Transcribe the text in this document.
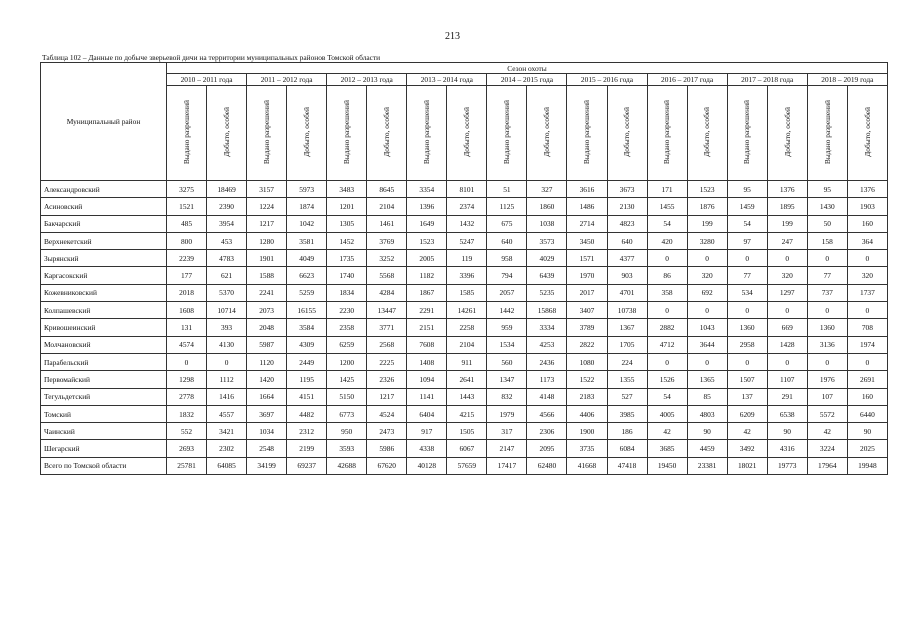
213
Таблица 102 – Данные по добыче зверьевой дичи на территории муниципальных районов Томской области
Муниципальный район	Сезон охоты																	
	2010 – 2011 года		2011 – 2012 года		2012 – 2013 года		2013 – 2014 года		2014 – 2015 года		2015 – 2016 года		2016 – 2017 года		2017 – 2018 года		2018 – 2019 года	
	Выдано разрешений	Добыто, особей	Выдано разрешений	Добыто, особей	Выдано разрешений	Добыто, особей	Выдано разрешений	Добыто, особей	Выдано разрешений	Добыто, особей	Выдано разрешений	Добыто, особей	Выдано разрешений	Добыто, особей	Выдано разрешений	Добыто, особей	Выдано разрешений	Добыто, особей
Александровский	3275	18469	3157	5973	3483	8645	3354	8101	51	327	3616	3673	171	1523	95	1376	95	1376
Асиновский	1521	2390	1224	1874	1201	2104	1396	2374	1125	1860	1486	2130	1455	1876	1459	1895	1430	1903
Бакчарский	485	3954	1217	1042	1305	1461	1649	1432	675	1038	2714	4823	54	199	54	199	50	160
Верхнекетский	800	453	1280	3581	1452	3769	1523	5247	640	3573	3450	640	420	3280	97	247	158	364
Зырянский	2239	4783	1901	4049	1735	3252	2005	119	958	4029	1571	4377	0	0	0	0	0	0
Каргасокский	177	621	1588	6623	1740	5568	1182	3396	794	6439	1970	903	86	320	77	320	77	320
Кожевниковский	2018	5370	2241	5259	1834	4284	1867	1585	2057	5235	2017	4701	358	692	534	1297	737	1737
Колпашевский	1608	10714	2073	16155	2230	13447	2291	14261	1442	15868	3407	10738	0	0	0	0	0	0
Кривошеинский	131	393	2048	3584	2358	3771	2151	2258	959	3334	3789	1367	2882	1043	1360	669	1360	708
Молчановский	4574	4130	5987	4309	6259	2568	7608	2104	1534	4253	2822	1705	4712	3644	2958	1428	3136	1974
Парабельский	0	0	1120	2449	1200	2225	1408	911	560	2436	1080	224	0	0	0	0	0	0
Первомайский	1298	1112	1420	1195	1425	2326	1094	2641	1347	1173	1522	1355	1526	1365	1507	1107	1976	2691
Тегульдетский	2778	1416	1664	4151	5150	1217	1141	1443	832	4148	2183	527	54	85	137	291	107	160
Томский	1832	4557	3697	4482	6773	4524	6404	4215	1979	4566	4406	3985	4005	4803	6209	6538	5572	6440
Чаинский	552	3421	1034	2312	950	2473	917	1505	317	2306	1900	186	42	90	42	90	42	90
Шегарский	2693	2302	2548	2199	3593	5986	4338	6067	2147	2095	3735	6084	3685	4459	3492	4316	3224	2025
Всего по Томской области	25781	64085	34199	69237	42688	67620	40128	57659	17417	62480	41668	47418	19450	23381	18021	19773	17964	19948
